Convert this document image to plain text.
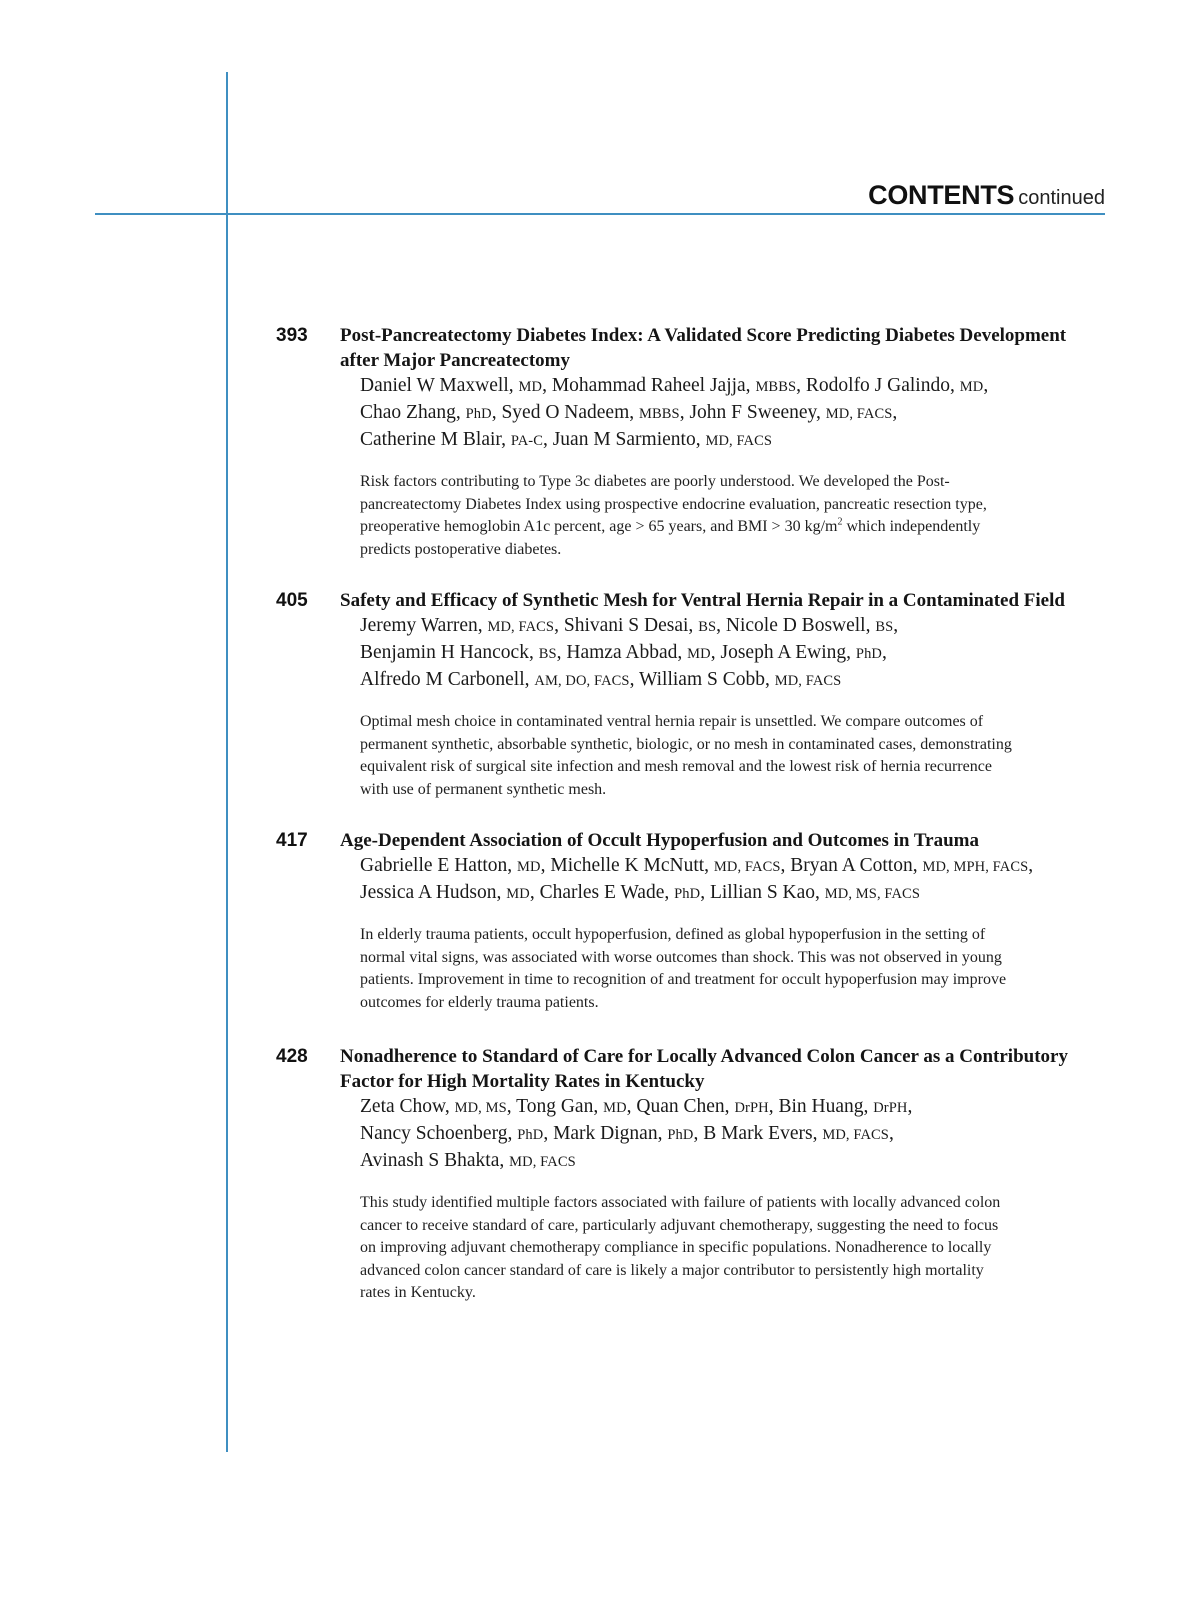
CONTENTS continued
393 Post-Pancreatectomy Diabetes Index: A Validated Score Predicting Diabetes Development
after Major Pancreatectomy
Daniel W Maxwell, MD, Mohammad Raheel Jajja, MBBS, Rodolfo J Galindo, MD,
Chao Zhang, PhD, Syed O Nadeem, MBBS, John F Sweeney, MD, FACS,
Catherine M Blair, PA-C, Juan M Sarmiento, MD, FACS
Risk factors contributing to Type 3c diabetes are poorly understood. We developed the Post-
pancreatectomy Diabetes Index using prospective endocrine evaluation, pancreatic resection type,
preoperative hemoglobin A1c percent, age > 65 years, and BMI > 30 $kg/m^2$ which independently
predicts postoperative diabetes.
405 Safety and Efficacy of Synthetic Mesh for Ventral Hernia Repair in a Contaminated Field
Jeremy Warren, MD, FACS, Shivani S Desai, BS, Nicole D Boswell, BS,
Benjamin H Hancock, BS, Hamza Abbad, MD, Joseph A Ewing, PhD,
Alfredo M Carbonell, AM, DO, FACS, William S Cobb, MD, FACS
Optimal mesh choice in contaminated ventral hernia repair is unsettled. We compare outcomes of
permanent synthetic, absorbable synthetic, biologic, or no mesh in contaminated cases, demonstrating
equivalent risk of surgical site infection and mesh removal and the lowest risk of hernia recurrence
with use of permanent synthetic mesh.
417 Age-Dependent Association of Occult Hypoperfusion and Outcomes in Trauma
Gabrielle E Hatton, MD, Michelle K McNutt, MD, FACS, Bryan A Cotton, MD, MPH, FACS,
Jessica A Hudson, MD, Charles E Wade, PhD, Lillian S Kao, MD, MS, FACS
In elderly trauma patients, occult hypoperfusion, defined as global hypoperfusion in the setting of
normal vital signs, was associated with worse outcomes than shock. This was not observed in young
patients. Improvement in time to recognition of and treatment for occult hypoperfusion may improve
outcomes for elderly trauma patients.
428 Nonadherence to Standard of Care for Locally Advanced Colon Cancer as a Contributory
Factor for High Mortality Rates in Kentucky
Zeta Chow, MD, MS, Tong Gan, MD, Quan Chen, DrPH, Bin Huang, DrPH,
Nancy Schoenberg, PhD, Mark Dignan, PhD, B Mark Evers, MD, FACS,
Avinash S Bhakta, MD, FACS
This study identified multiple factors associated with failure of patients with locally advanced colon
cancer to receive standard of care, particularly adjuvant chemotherapy, suggesting the need to focus
on improving adjuvant chemotherapy compliance in specific populations. Nonadherence to locally
advanced colon cancer standard of care is likely a major contributor to persistently high mortality
rates in Kentucky.
